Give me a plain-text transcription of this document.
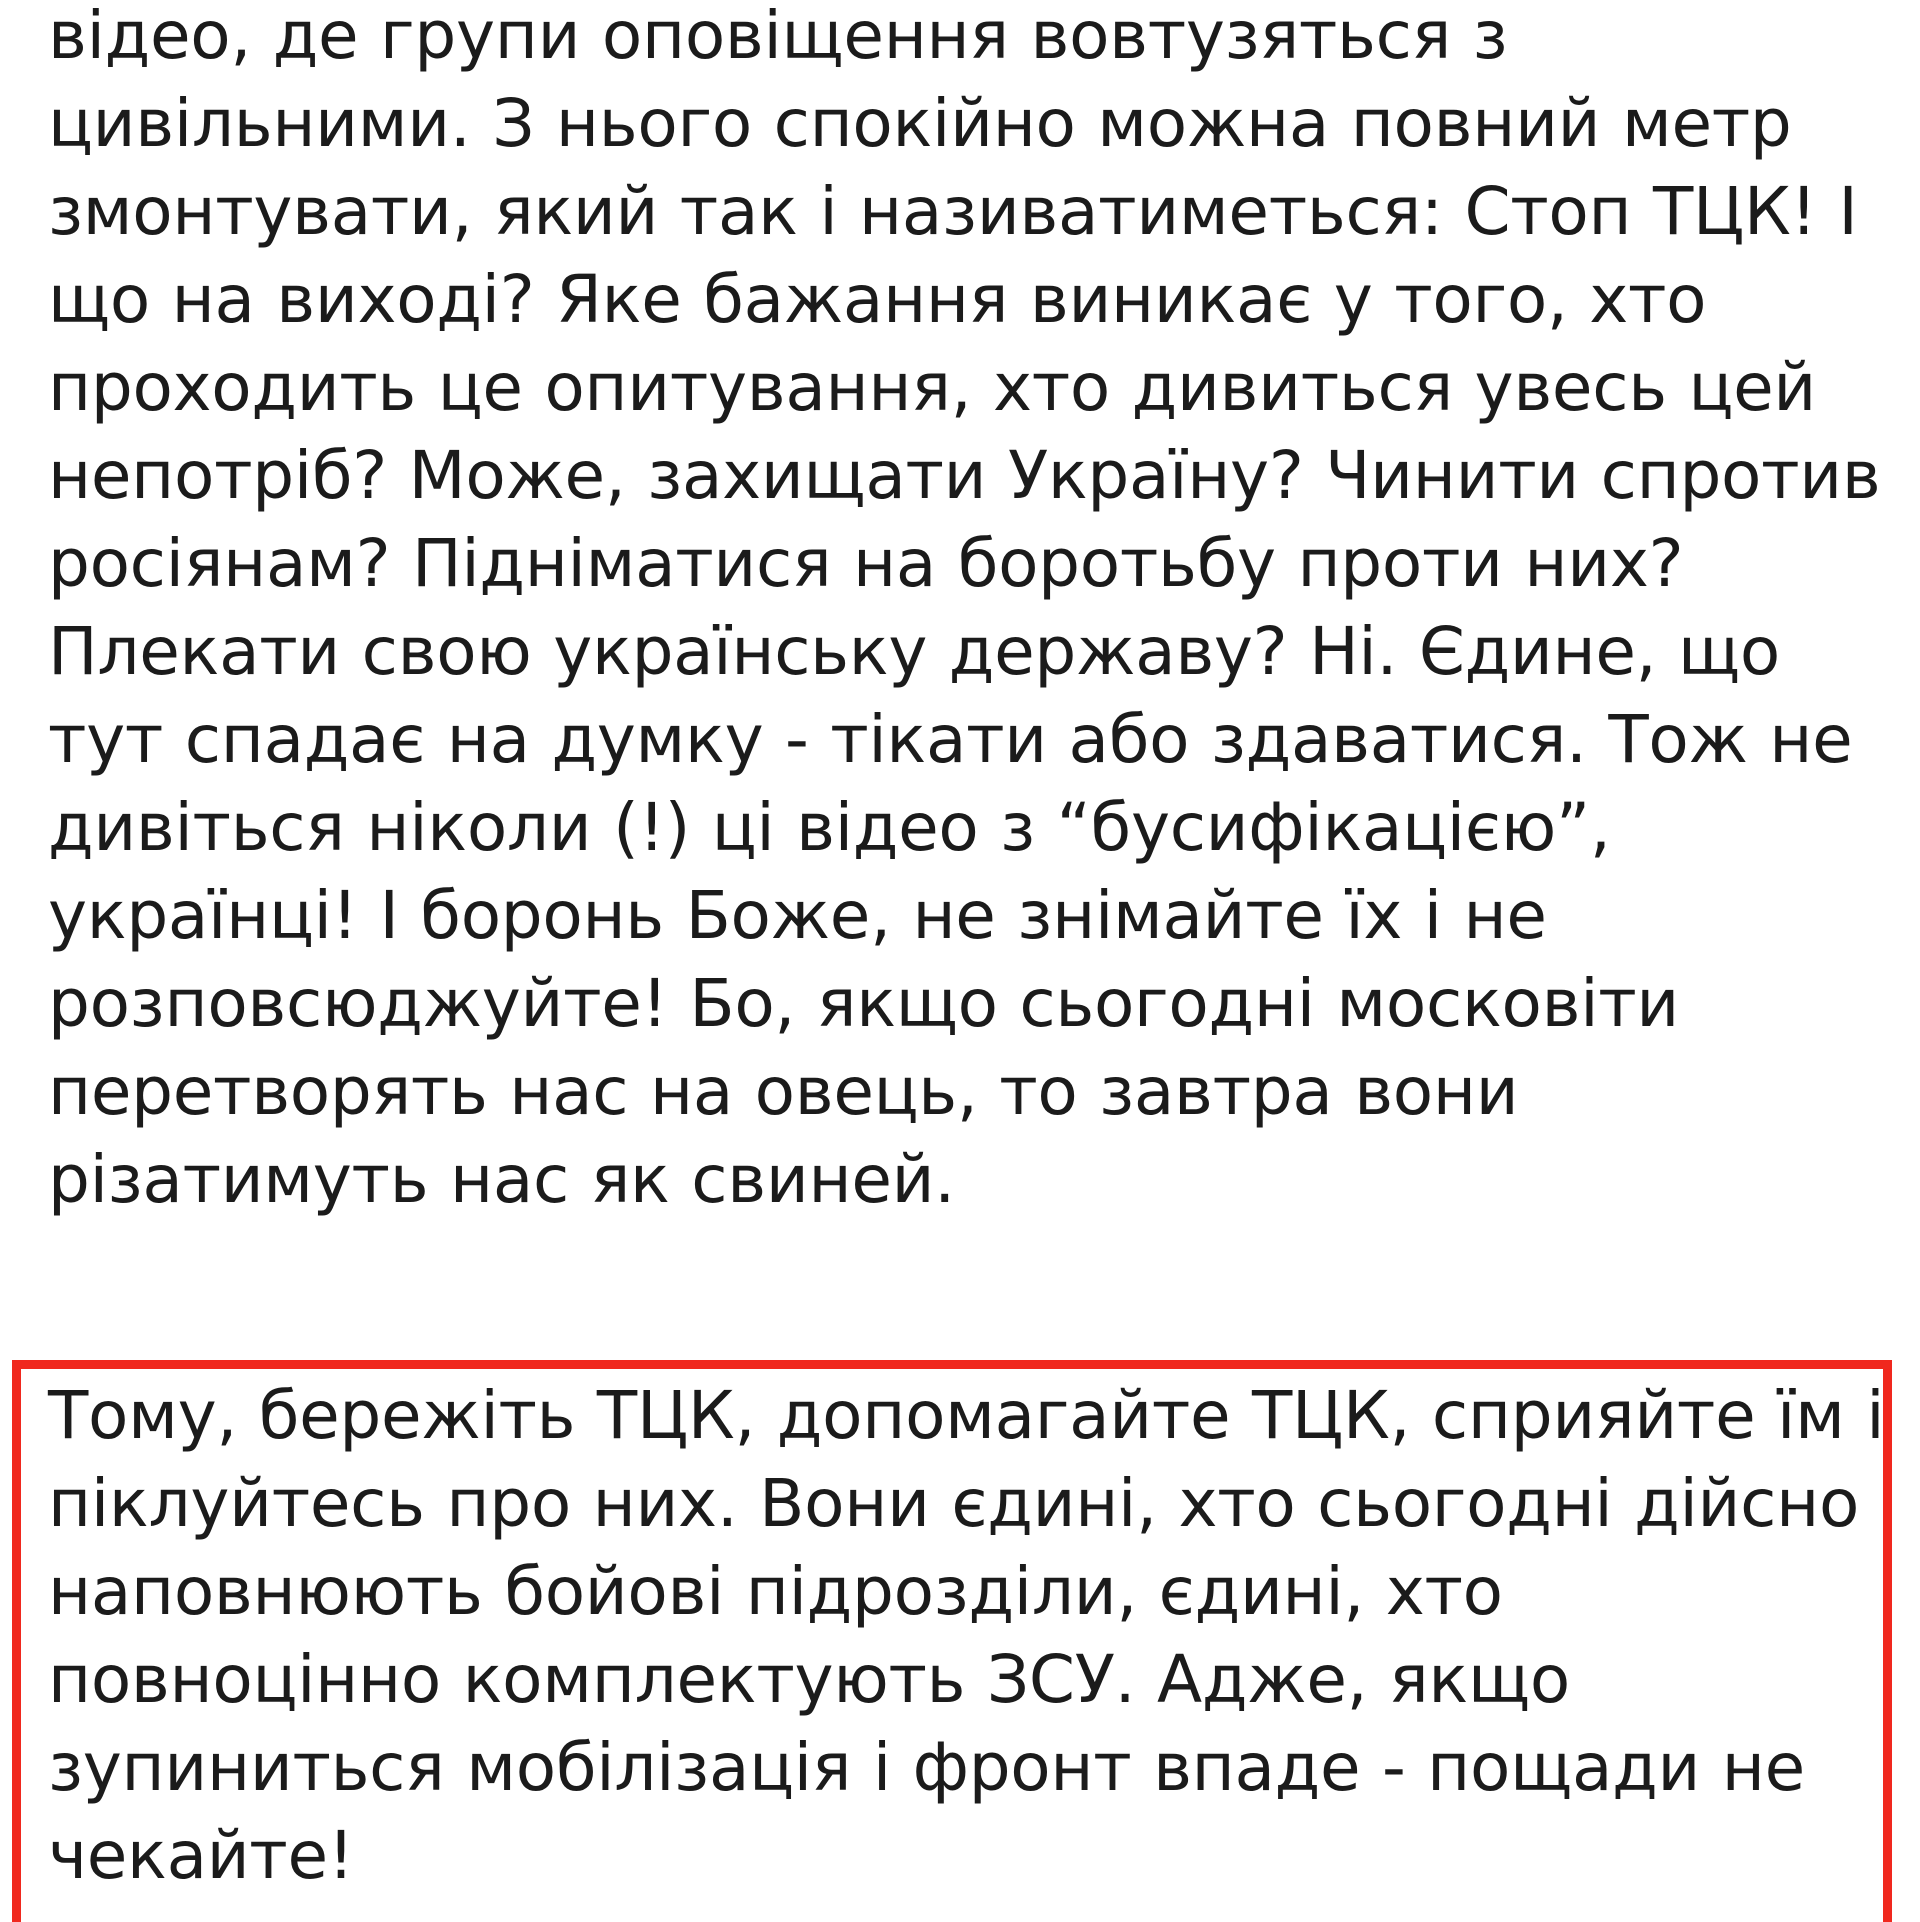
відео, де групи оповіщення вовтузяться з цивільними. З нього спокійно можна повний метр змонтувати, який так і називатиметься: Стоп ТЦК! І що на виході? Яке бажання виникає у того, хто проходить це опитування, хто дивиться увесь цей непотріб? Може, захищати Україну? Чинити спротив росіянам? Підніматися на боротьбу проти них? Плекати свою українську державу? Ні. Єдине, що тут спадає на думку - тікати або здаватися. Тож не дивіться ніколи (!) ці відео з “бусифікацією”, українці! І боронь Боже, не знімайте їх і не розповсюджуйте! Бо, якщо сьогодні московіти перетворять нас на овець, то завтра вони різатимуть нас як свиней.

Тому, бережіть ТЦК, допомагайте ТЦК, сприяйте їм і піклуйтесь про них. Вони єдині, хто сьогодні дійсно наповнюють бойові підрозділи, єдині, хто повноцінно комплектують ЗСУ. Адже, якщо зупиниться мобілізація і фронт впаде - пощади не чекайте!
